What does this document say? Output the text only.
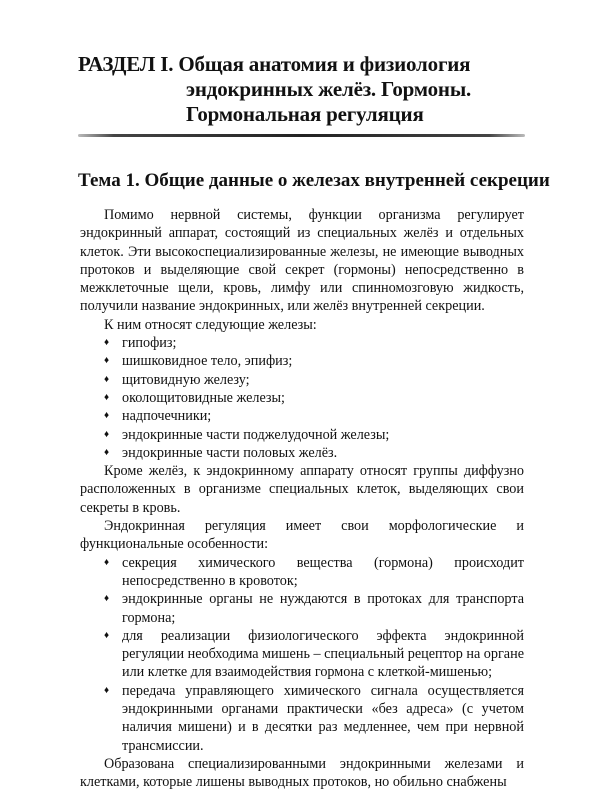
РАЗДЕЛ I. Общая анатомия и физиология
эндокринных желёз. Гормоны.
Гормональная регуляция
Тема 1. Общие данные о железах внутренней секреции

Помимо нервной системы, функции организма регулирует эндокринный аппарат, состоящий из специальных желёз и отдельных клеток. Эти высокоспециализированные железы, не имеющие выводных протоков и выделяющие свой секрет (гормоны) непосредственно в межклеточные щели, кровь, лимфу или спинномозговую жидкость, получили название эндокринных, или желёз внутренней секреции.

К ним относят следующие железы:

♦ гипофиз;
♦ шишковидное тело, эпифиз;
♦ щитовидную железу;
♦ околощитовидные железы;
♦ надпочечники;
♦ эндокринные части поджелудочной железы;
♦ эндокринные части половых желёз.

Кроме желёз, к эндокринному аппарату относят группы диффузно расположенных в организме специальных клеток, выделяющих свои секреты в кровь.

Эндокринная регуляция имеет свои морфологические и функциональные особенности:

♦ секреция химического вещества (гормона) происходит непосредственно в кровоток;
♦ эндокринные органы не нуждаются в протоках для транспорта гормона;
♦ для реализации физиологического эффекта эндокринной регуляции необходима мишень – специальный рецептор на органе или клетке для взаимодействия гормона с клеткой-мишенью;
♦ передача управляющего химического сигнала осуществляется эндокринными органами практически «без адреса» (с учетом наличия мишени) и в десятки раз медленнее, чем при нервной трансмиссии.

Образована специализированными эндокринными железами и клетками, которые лишены выводных протоков, но обильно снабжены
